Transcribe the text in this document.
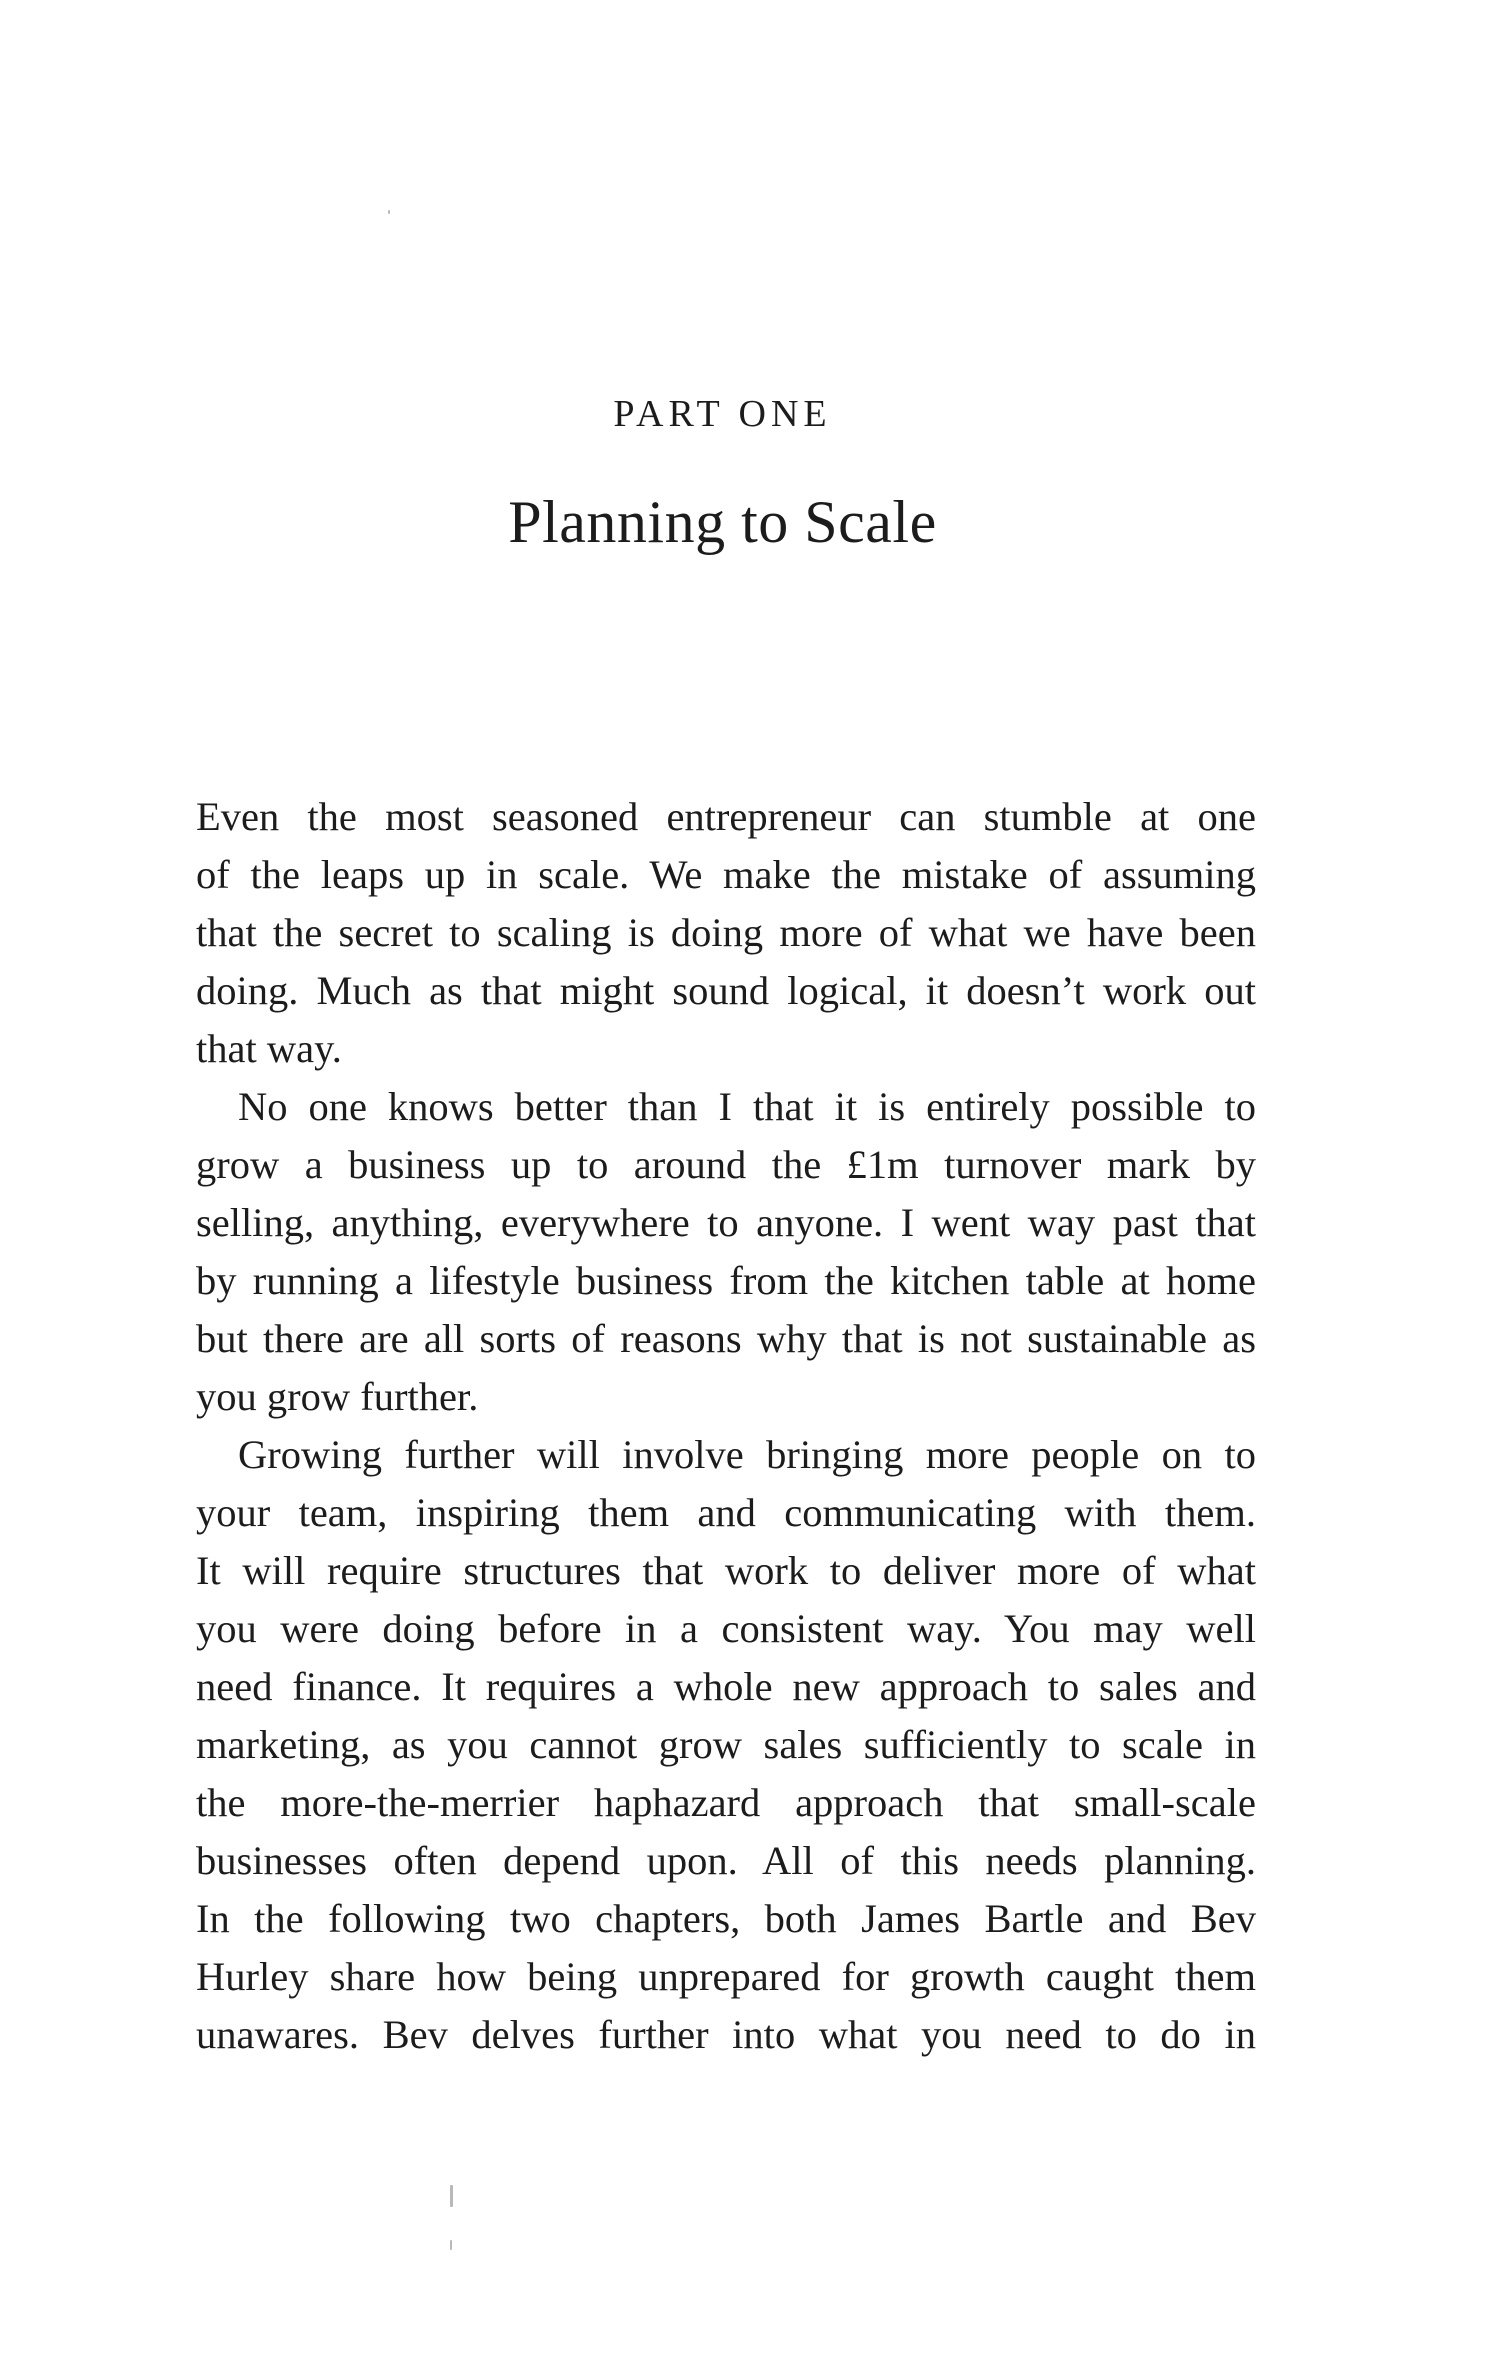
PART ONE
Planning to Scale
Even the most seasoned entrepreneur can stumble at one
of the leaps up in scale. We make the mistake of assuming
that the secret to scaling is doing more of what we have been
doing. Much as that might sound logical, it doesn’t work out
that way.
No one knows better than I that it is entirely possible to
grow a business up to around the £1m turnover mark by
selling, anything, everywhere to anyone. I went way past that
by running a lifestyle business from the kitchen table at home
but there are all sorts of reasons why that is not sustainable as
you grow further.
Growing further will involve bringing more people on to
your team, inspiring them and communicating with them.
It will require structures that work to deliver more of what
you were doing before in a consistent way. You may well
need finance. It requires a whole new approach to sales and
marketing, as you cannot grow sales sufficiently to scale in
the more-the-merrier haphazard approach that small-scale
businesses often depend upon. All of this needs planning.
In the following two chapters, both James Bartle and Bev
Hurley share how being unprepared for growth caught them
unawares. Bev delves further into what you need to do in
